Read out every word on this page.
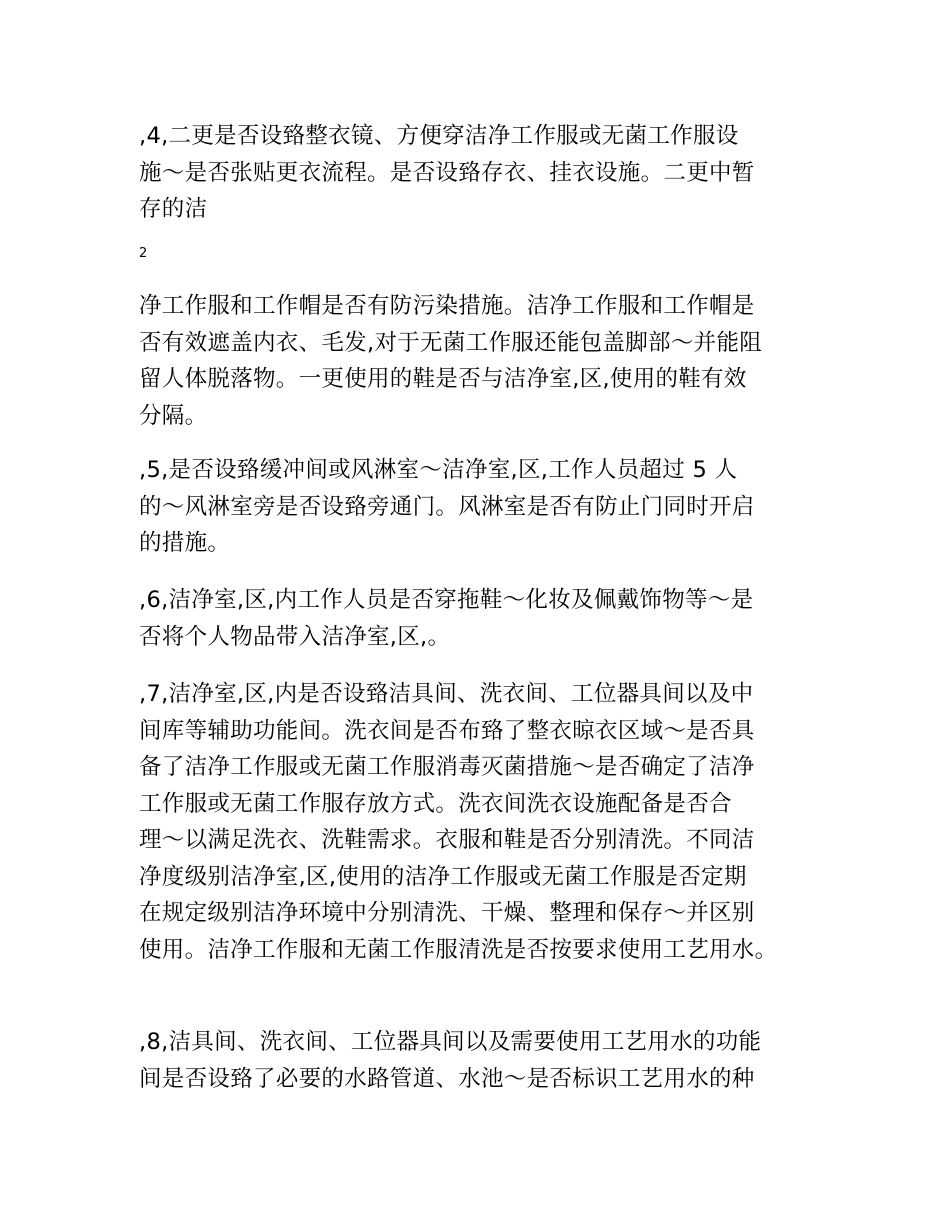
,4,二更是否设臵整衣镜、方便穿洁净工作服或无菌工作服设
施～是否张贴更衣流程。是否设臵存衣、挂衣设施。二更中暂
存的洁
2
净工作服和工作帽是否有防污染措施。洁净工作服和工作帽是
否有效遮盖内衣、毛发,对于无菌工作服还能包盖脚部～并能阻
留人体脱落物。一更使用的鞋是否与洁净室,区,使用的鞋有效
分隔。
,5,是否设臵缓冲间或风淋室～洁净室,区,工作人员超过 5 人
的～风淋室旁是否设臵旁通门。风淋室是否有防止门同时开启
的措施。
,6,洁净室,区,内工作人员是否穿拖鞋～化妆及佩戴饰物等～是
否将个人物品带入洁净室,区,。
,7,洁净室,区,内是否设臵洁具间、洗衣间、工位器具间以及中
间库等辅助功能间。洗衣间是否布臵了整衣晾衣区域～是否具
备了洁净工作服或无菌工作服消毒灭菌措施～是否确定了洁净
工作服或无菌工作服存放方式。洗衣间洗衣设施配备是否合
理～以满足洗衣、洗鞋需求。衣服和鞋是否分别清洗。不同洁
净度级别洁净室,区,使用的洁净工作服或无菌工作服是否定期
在规定级别洁净环境中分别清洗、干燥、整理和保存～并区别
使用。洁净工作服和无菌工作服清洗是否按要求使用工艺用水。
,8,洁具间、洗衣间、工位器具间以及需要使用工艺用水的功能
间是否设臵了必要的水路管道、水池～是否标识工艺用水的种
